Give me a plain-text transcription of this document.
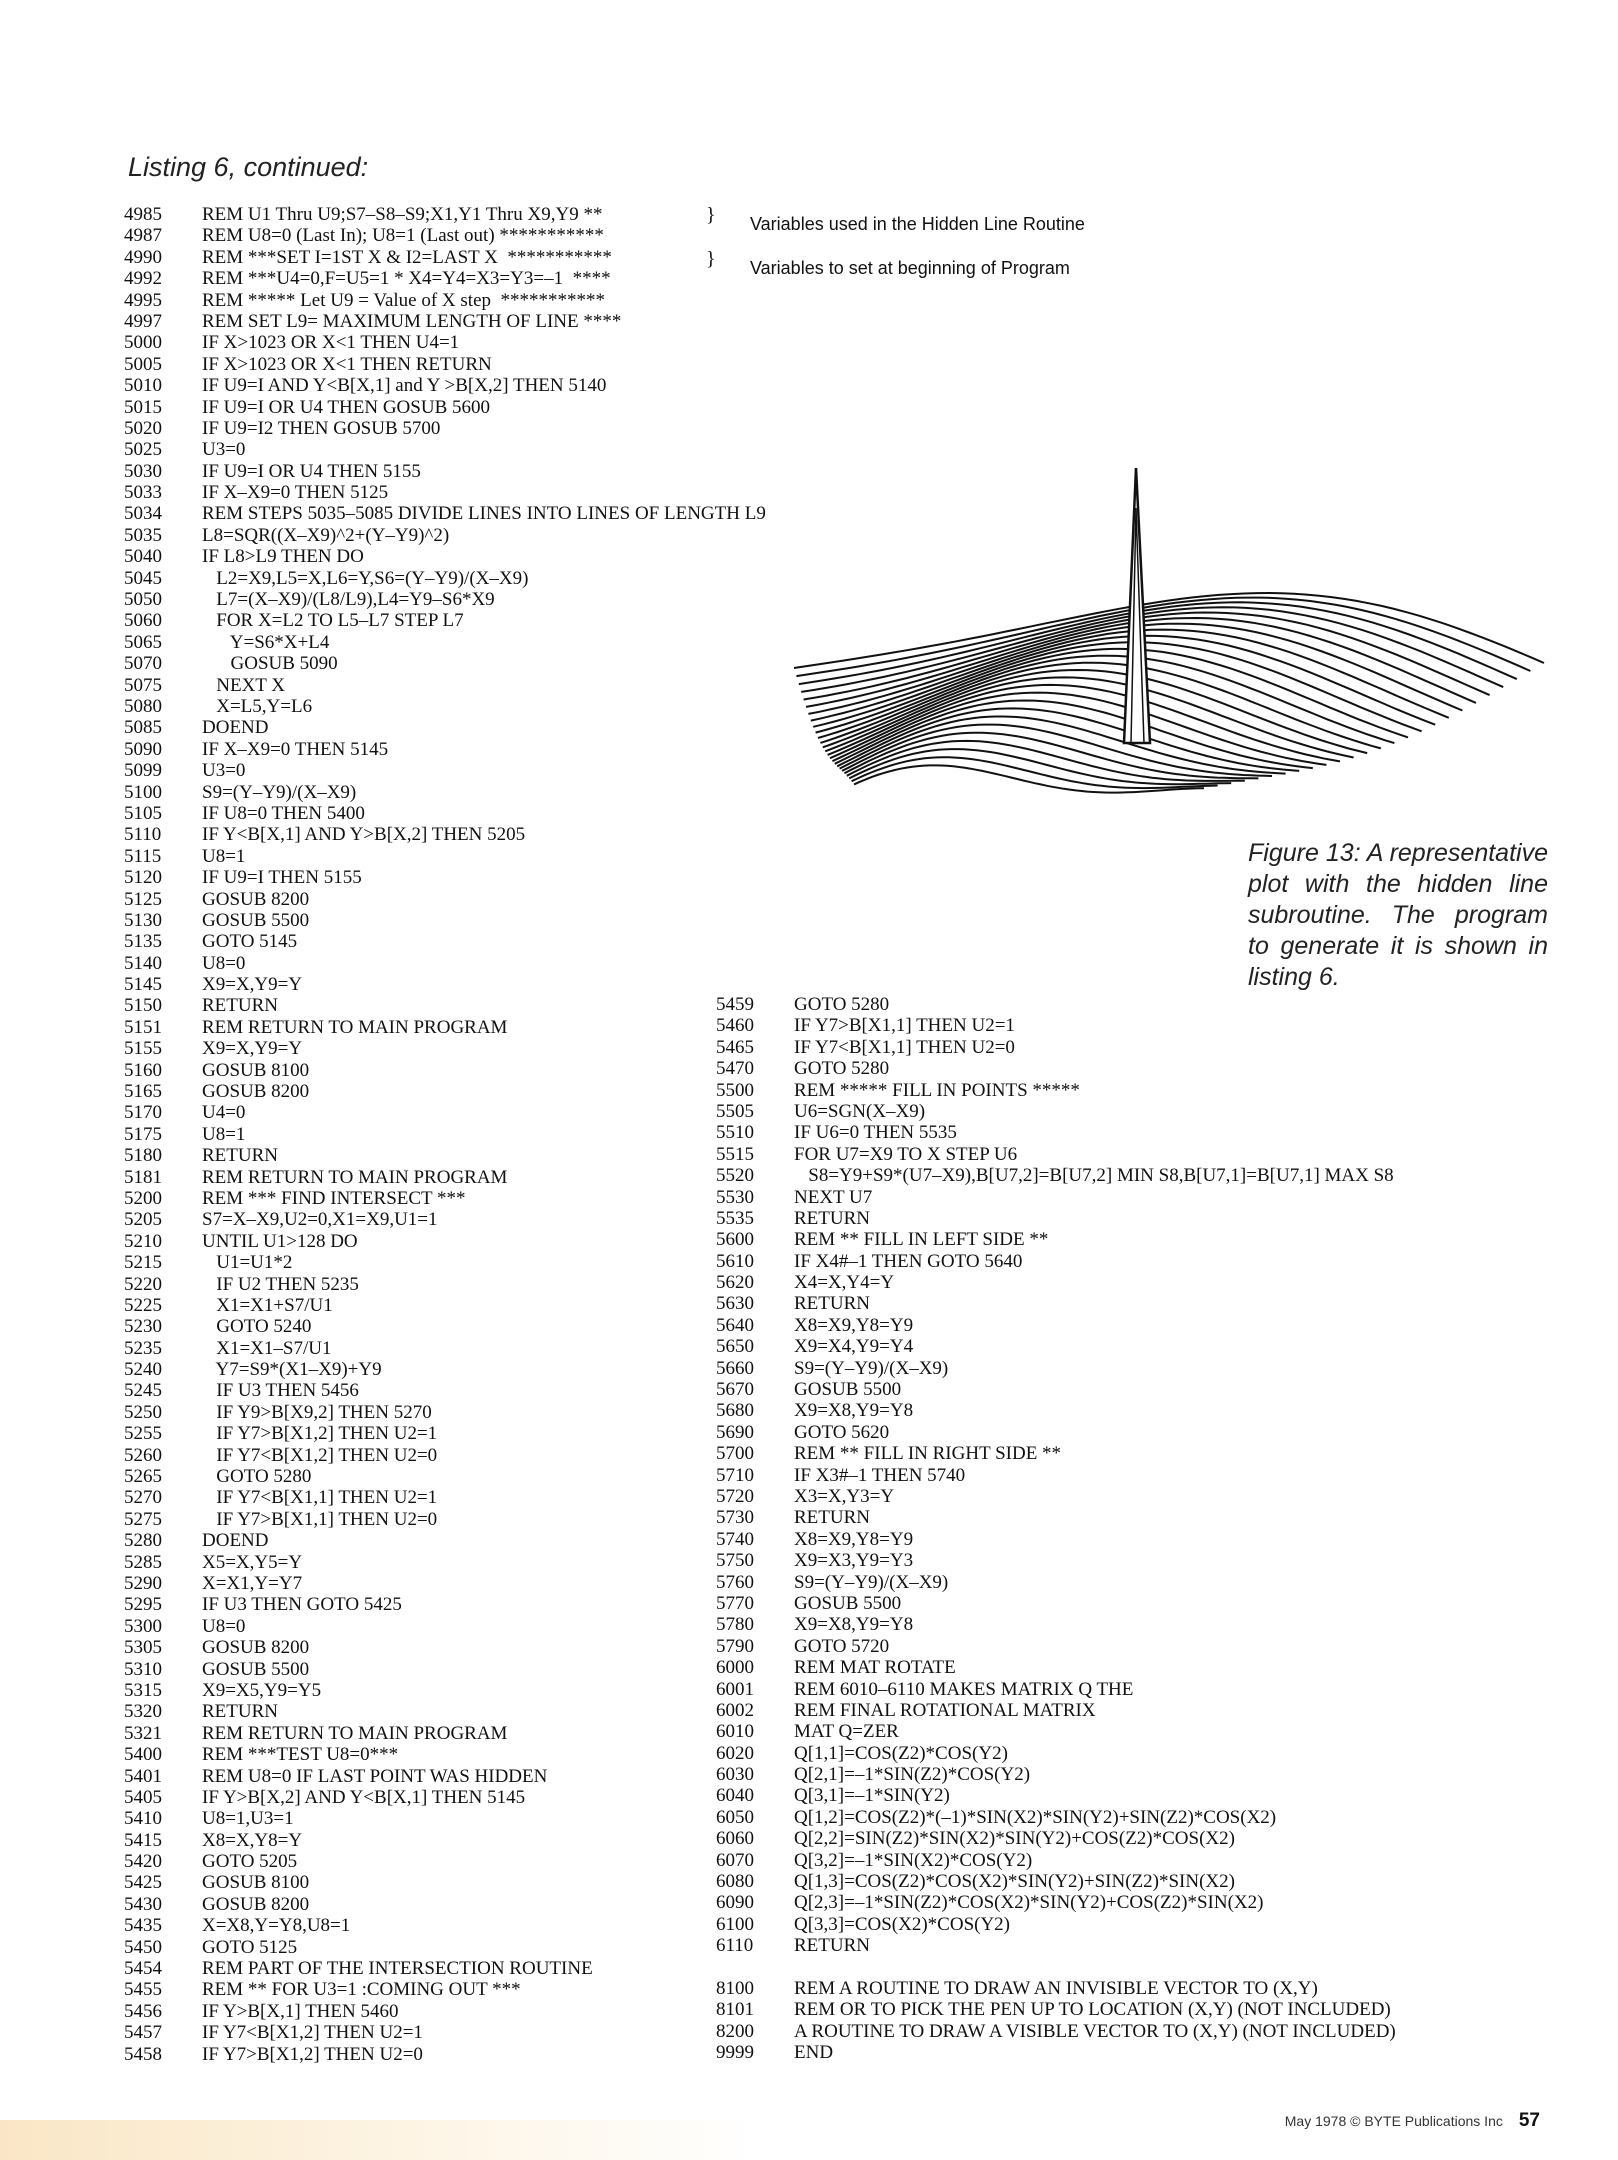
Listing 6, continued:
}
}
Variables used in the Hidden Line Routine
Variables to set at beginning of Program
4985	REM U1 Thru U9;S7–S8–S9;X1,Y1 Thru X9,Y9 **
4987	REM U8=0 (Last In); U8=1 (Last out) ***********
4990	REM ***SET I=1ST X & I2=LAST X  ***********
4992	REM ***U4=0,F=U5=1 * X4=Y4=X3=Y3=–1  ****
4995	REM ***** Let U9 = Value of X step  ***********
4997	REM SET L9= MAXIMUM LENGTH OF LINE ****
5000	IF X>1023 OR X<1 THEN U4=1
5005	IF X>1023 OR X<1 THEN RETURN
5010	IF U9=I AND Y<B[X,1] and Y >B[X,2] THEN 5140
5015	IF U9=I OR U4 THEN GOSUB 5600
5020	IF U9=I2 THEN GOSUB 5700
5025	U3=0
5030	IF U9=I OR U4 THEN 5155
5033	IF X–X9=0 THEN 5125
5034	REM STEPS 5035–5085 DIVIDE LINES INTO LINES OF LENGTH L9
5035	L8=SQR((X–X9)^2+(Y–Y9)^2)
5040	IF L8>L9 THEN DO
5045	L2=X9,L5=X,L6=Y,S6=(Y–Y9)/(X–X9)
5050	L7=(X–X9)/(L8/L9),L4=Y9–S6*X9
5060	FOR X=L2 TO L5–L7 STEP L7
5065	Y=S6*X+L4
5070	GOSUB 5090
5075	NEXT X
5080	X=L5,Y=L6
5085	DOEND
5090	IF X–X9=0 THEN 5145
5099	U3=0
5100	S9=(Y–Y9)/(X–X9)
5105	IF U8=0 THEN 5400
5110	IF Y<B[X,1] AND Y>B[X,2] THEN 5205
5115	U8=1
5120	IF U9=I THEN 5155
5125	GOSUB 8200
5130	GOSUB 5500
5135	GOTO 5145
5140	U8=0
5145	X9=X,Y9=Y
5150	RETURN
5151	REM RETURN TO MAIN PROGRAM
5155	X9=X,Y9=Y
5160	GOSUB 8100
5165	GOSUB 8200
5170	U4=0
5175	U8=1
5180	RETURN
5181	REM RETURN TO MAIN PROGRAM
5200	REM *** FIND INTERSECT ***
5205	S7=X–X9,U2=0,X1=X9,U1=1
5210	UNTIL U1>128 DO
5215	U1=U1*2
5220	IF U2 THEN 5235
5225	X1=X1+S7/U1
5230	GOTO 5240
5235	X1=X1–S7/U1
5240	Y7=S9*(X1–X9)+Y9
5245	IF U3 THEN 5456
5250	IF Y9>B[X9,2] THEN 5270
5255	IF Y7>B[X1,2] THEN U2=1
5260	IF Y7<B[X1,2] THEN U2=0
5265	GOTO 5280
5270	IF Y7<B[X1,1] THEN U2=1
5275	IF Y7>B[X1,1] THEN U2=0
5280	DOEND
5285	X5=X,Y5=Y
5290	X=X1,Y=Y7
5295	IF U3 THEN GOTO 5425
5300	U8=0
5305	GOSUB 8200
5310	GOSUB 5500
5315	X9=X5,Y9=Y5
5320	RETURN
5321	REM RETURN TO MAIN PROGRAM
5400	REM ***TEST U8=0***
5401	REM U8=0 IF LAST POINT WAS HIDDEN
5405	IF Y>B[X,2] AND Y<B[X,1] THEN 5145
5410	U8=1,U3=1
5415	X8=X,Y8=Y
5420	GOTO 5205
5425	GOSUB 8100
5430	GOSUB 8200
5435	X=X8,Y=Y8,U8=1
5450	GOTO 5125
5454	REM PART OF THE INTERSECTION ROUTINE
5455	REM ** FOR U3=1 :COMING OUT ***
5456	IF Y>B[X,1] THEN 5460
5457	IF Y7<B[X1,2] THEN U2=1
5458	IF Y7>B[X1,2] THEN U2=0
5459	GOTO 5280
5460	IF Y7>B[X1,1] THEN U2=1
5465	IF Y7<B[X1,1] THEN U2=0
5470	GOTO 5280
5500	REM ***** FILL IN POINTS *****
5505	U6=SGN(X–X9)
5510	IF U6=0 THEN 5535
5515	FOR U7=X9 TO X STEP U6
5520	S8=Y9+S9*(U7–X9),B[U7,2]=B[U7,2] MIN S8,B[U7,1]=B[U7,1] MAX S8
5530	NEXT U7
5535	RETURN
5600	REM ** FILL IN LEFT SIDE **
5610	IF X4#–1 THEN GOTO 5640
5620	X4=X,Y4=Y
5630	RETURN
5640	X8=X9,Y8=Y9
5650	X9=X4,Y9=Y4
5660	S9=(Y–Y9)/(X–X9)
5670	GOSUB 5500
5680	X9=X8,Y9=Y8
5690	GOTO 5620
5700	REM ** FILL IN RIGHT SIDE **
5710	IF X3#–1 THEN 5740
5720	X3=X,Y3=Y
5730	RETURN
5740	X8=X9,Y8=Y9
5750	X9=X3,Y9=Y3
5760	S9=(Y–Y9)/(X–X9)
5770	GOSUB 5500
5780	X9=X8,Y9=Y8
5790	GOTO 5720
6000	REM MAT ROTATE
6001	REM 6010–6110 MAKES MATRIX Q THE
6002	REM FINAL ROTATIONAL MATRIX
6010	MAT Q=ZER
6020	Q[1,1]=COS(Z2)*COS(Y2)
6030	Q[2,1]=–1*SIN(Z2)*COS(Y2)
6040	Q[3,1]=–1*SIN(Y2)
6050	Q[1,2]=COS(Z2)*(–1)*SIN(X2)*SIN(Y2)+SIN(Z2)*COS(X2)
6060	Q[2,2]=SIN(Z2)*SIN(X2)*SIN(Y2)+COS(Z2)*COS(X2)
6070	Q[3,2]=–1*SIN(X2)*COS(Y2)
6080	Q[1,3]=COS(Z2)*COS(X2)*SIN(Y2)+SIN(Z2)*SIN(X2)
6090	Q[2,3]=–1*SIN(Z2)*COS(X2)*SIN(Y2)+COS(Z2)*SIN(X2)
6100	Q[3,3]=COS(X2)*COS(Y2)
6110	RETURN
8100	REM A ROUTINE TO DRAW AN INVISIBLE VECTOR TO (X,Y)
8101	REM OR TO PICK THE PEN UP TO LOCATION (X,Y) (NOT INCLUDED)
8200	A ROUTINE TO DRAW A VISIBLE VECTOR TO (X,Y) (NOT INCLUDED)
9999	END
Figure 13: A representative plot with the hidden line subroutine. The program to generate it is shown in listing 6.
May 1978 © BYTE Publications Inc 57
